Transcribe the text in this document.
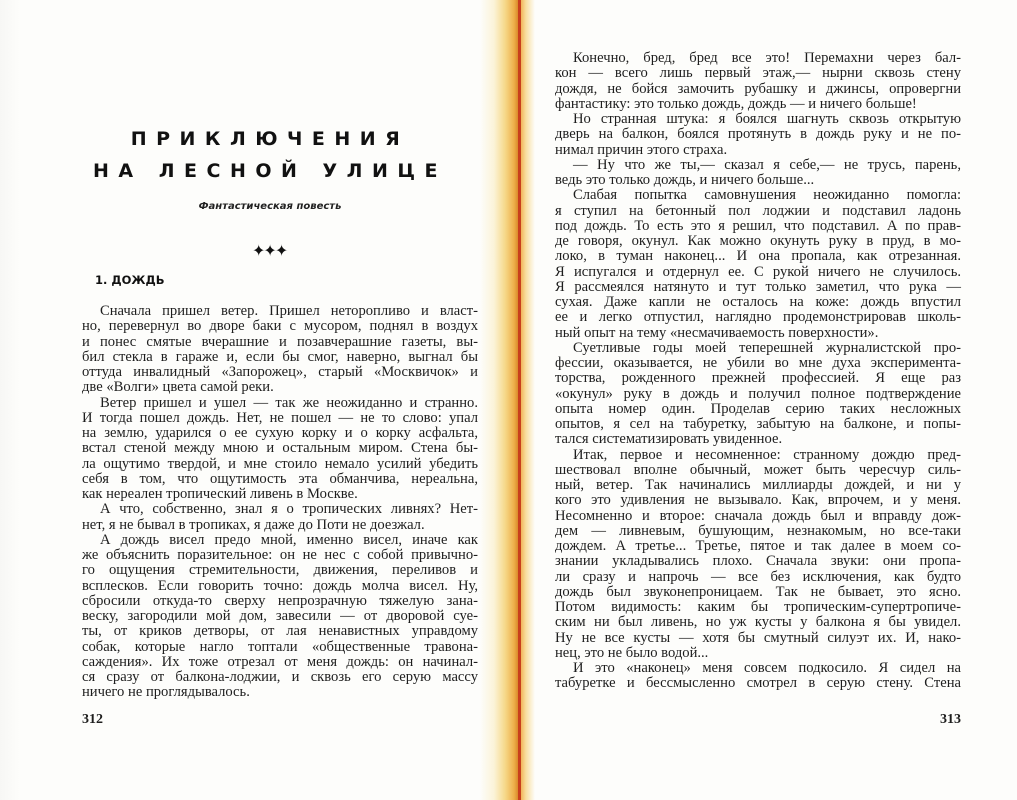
ПРИКЛЮЧЕНИЯ
НА ЛЕСНОЙ УЛИЦЕ
Фантастическая повесть
✦✦✦
1. ДОЖДЬ
Сначала пришел ветер. Пришел неторопливо и власт-
но, перевернул во дворе баки с мусором, поднял в воздух
и понес смятые вчерашние и позавчерашние газеты, вы-
бил стекла в гараже и, если бы смог, наверно, выгнал бы
оттуда инвалидный «Запорожец», старый «Москвичок» и
две «Волги» цвета самой реки.
Ветер пришел и ушел — так же неожиданно и странно.
И тогда пошел дождь. Нет, не пошел — не то слово: упал
на землю, ударился о ее сухую корку и о корку асфальта,
встал стеной между мною и остальным миром. Стена бы-
ла ощутимо твердой, и мне стоило немало усилий убедить
себя в том, что ощутимость эта обманчива, нереальна,
как нереален тропический ливень в Москве.
А что, собственно, знал я о тропических ливнях? Нет-
нет, я не бывал в тропиках, я даже до Поти не доезжал.
А дождь висел предо мной, именно висел, иначе как
же объяснить поразительное: он не нес с собой привычно-
го ощущения стремительности, движения, переливов и
всплесков. Если говорить точно: дождь молча висел. Ну,
сбросили откуда-то сверху непрозрачную тяжелую зана-
веску, загородили мой дом, завесили — от дворовой суе-
ты, от криков детворы, от лая ненавистных управдому
собак, которые нагло топтали «общественные травона-
саждения». Их тоже отрезал от меня дождь: он начинал-
ся сразу от балкона-лоджии, и сквозь его серую массу
ничего не проглядывалось.
312
Конечно, бред, бред все это! Перемахни через бал-
кон — всего лишь первый этаж,— нырни сквозь стену
дождя, не бойся замочить рубашку и джинсы, опровергни
фантастику: это только дождь, дождь — и ничего больше!
Но странная штука: я боялся шагнуть сквозь открытую
дверь на балкон, боялся протянуть в дождь руку и не по-
нимал причин этого страха.
— Ну что же ты,— сказал я себе,— не трусь, парень,
ведь это только дождь, и ничего больше...
Слабая попытка самовнушения неожиданно помогла:
я ступил на бетонный пол лоджии и подставил ладонь
под дождь. То есть это я решил, что подставил. А по прав-
де говоря, окунул. Как можно окунуть руку в пруд, в мо-
локо, в туман наконец... И она пропала, как отрезанная.
Я испугался и отдернул ее. С рукой ничего не случилось.
Я рассмеялся натянуто и тут только заметил, что рука —
сухая. Даже капли не осталось на коже: дождь впустил
ее и легко отпустил, наглядно продемонстрировав школь-
ный опыт на тему «несмачиваемость поверхности».
Суетливые годы моей теперешней журналистской про-
фессии, оказывается, не убили во мне духа эксперимента-
торства, рожденного прежней профессией. Я еще раз
«окунул» руку в дождь и получил полное подтверждение
опыта номер один. Проделав серию таких несложных
опытов, я сел на табуретку, забытую на балконе, и попы-
тался систематизировать увиденное.
Итак, первое и несомненное: странному дождю пред-
шествовал вполне обычный, может быть чересчур силь-
ный, ветер. Так начинались миллиарды дождей, и ни у
кого это удивления не вызывало. Как, впрочем, и у меня.
Несомненно и второе: сначала дождь был и вправду дож-
дем — ливневым, бушующим, незнакомым, но все-таки
дождем. А третье... Третье, пятое и так далее в моем со-
знании укладывались плохо. Сначала звуки: они пропа-
ли сразу и напрочь — все без исключения, как будто
дождь был звуконепроницаем. Так не бывает, это ясно.
Потом видимость: каким бы тропическим-супертропиче-
ским ни был ливень, но уж кусты у балкона я бы увидел.
Ну не все кусты — хотя бы смутный силуэт их. И, нако-
нец, это не было водой...
И это «наконец» меня совсем подкосило. Я сидел на
табуретке и бессмысленно смотрел в серую стену. Стена
313
